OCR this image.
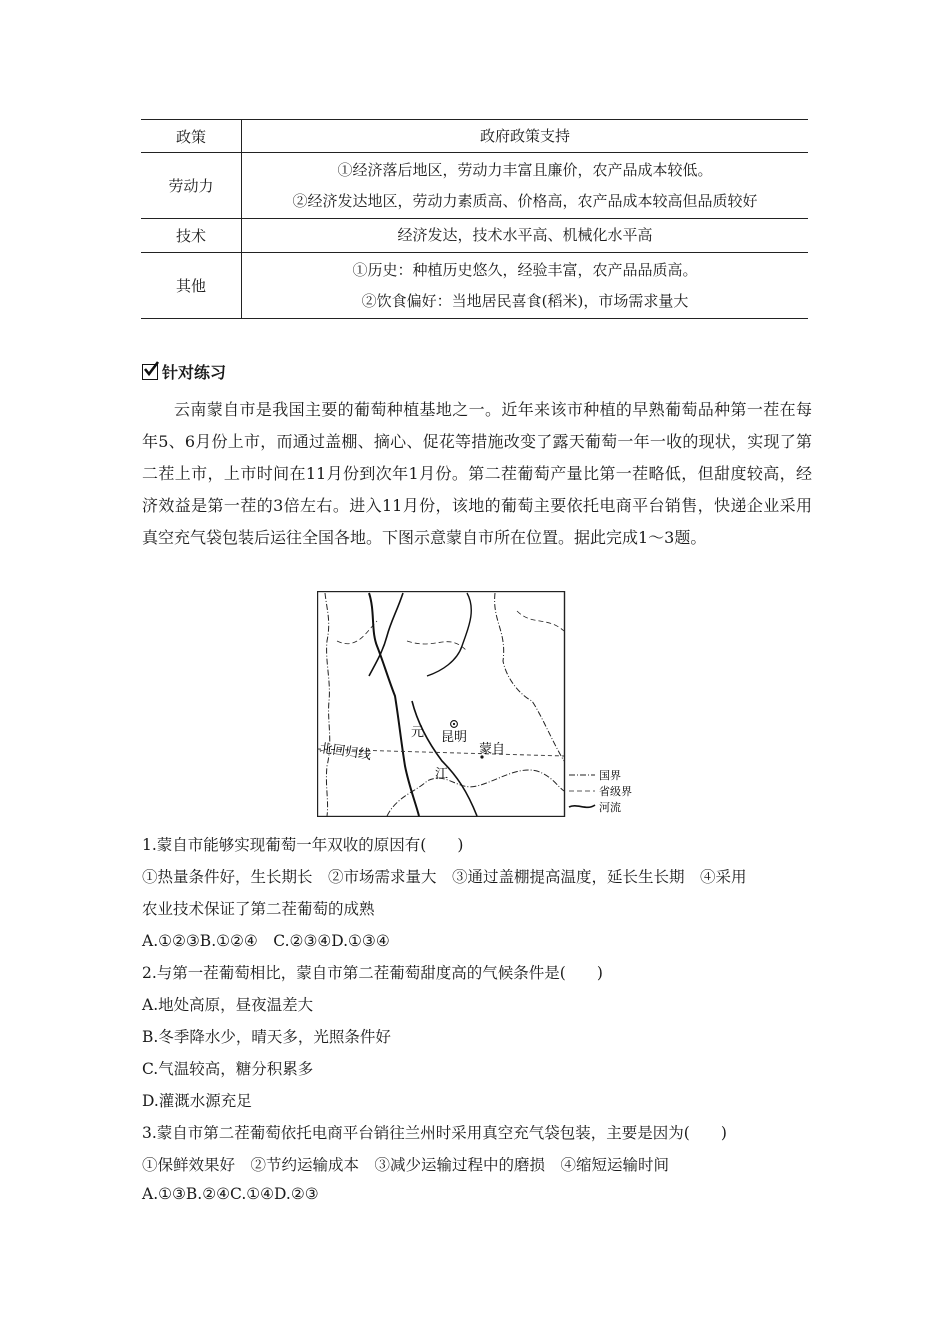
政策	政府政策支持

劳动力	①经济落后地区，劳动力丰富且廉价，农产品成本较低。
②经济发达地区，劳动力素质高、价格高，农产品成本较高但品质较好

技术	经济发达，技术水平高、机械化水平高

其他	①历史：种植历史悠久，经验丰富，农产品品质高。
②饮食偏好：当地居民喜食(稻米)，市场需求量大
针对练习

云南蒙自市是我国主要的葡萄种植基地之一。近年来该市种植的早熟葡萄品种第一茬在每年5、6月份上市，而通过盖棚、摘心、促花等措施改变了露天葡萄一年一收的现状，实现了第二茬上市，上市时间在11月份到次年1月份。第二茬葡萄产量比第一茬略低，但甜度较高，经济效益是第一茬的3倍左右。进入11月份，该地的葡萄主要依托电商平台销售，快递企业采用真空充气袋包装后运往全国各地。下图示意蒙自市所在位置。据此完成1～3题。

元 昆明
蒙自
江
北回归线
国界
省级界
河流

1.蒙自市能够实现葡萄一年双收的原因有(　　)

①热量条件好，生长期长　②市场需求量大　③通过盖棚提高温度，延长生长期　④采用

农业技术保证了第二茬葡萄的成熟

A.①②③B.①②④　C.②③④D.①③④

2.与第一茬葡萄相比，蒙自市第二茬葡萄甜度高的气候条件是(　　)

A.地处高原，昼夜温差大

B.冬季降水少，晴天多，光照条件好

C.气温较高，糖分积累多

D.灌溉水源充足

3.蒙自市第二茬葡萄依托电商平台销往兰州时采用真空充气袋包装，主要是因为(　　)

①保鲜效果好　②节约运输成本　③减少运输过程中的磨损　④缩短运输时间

A.①③B.②④C.①④D.②③
